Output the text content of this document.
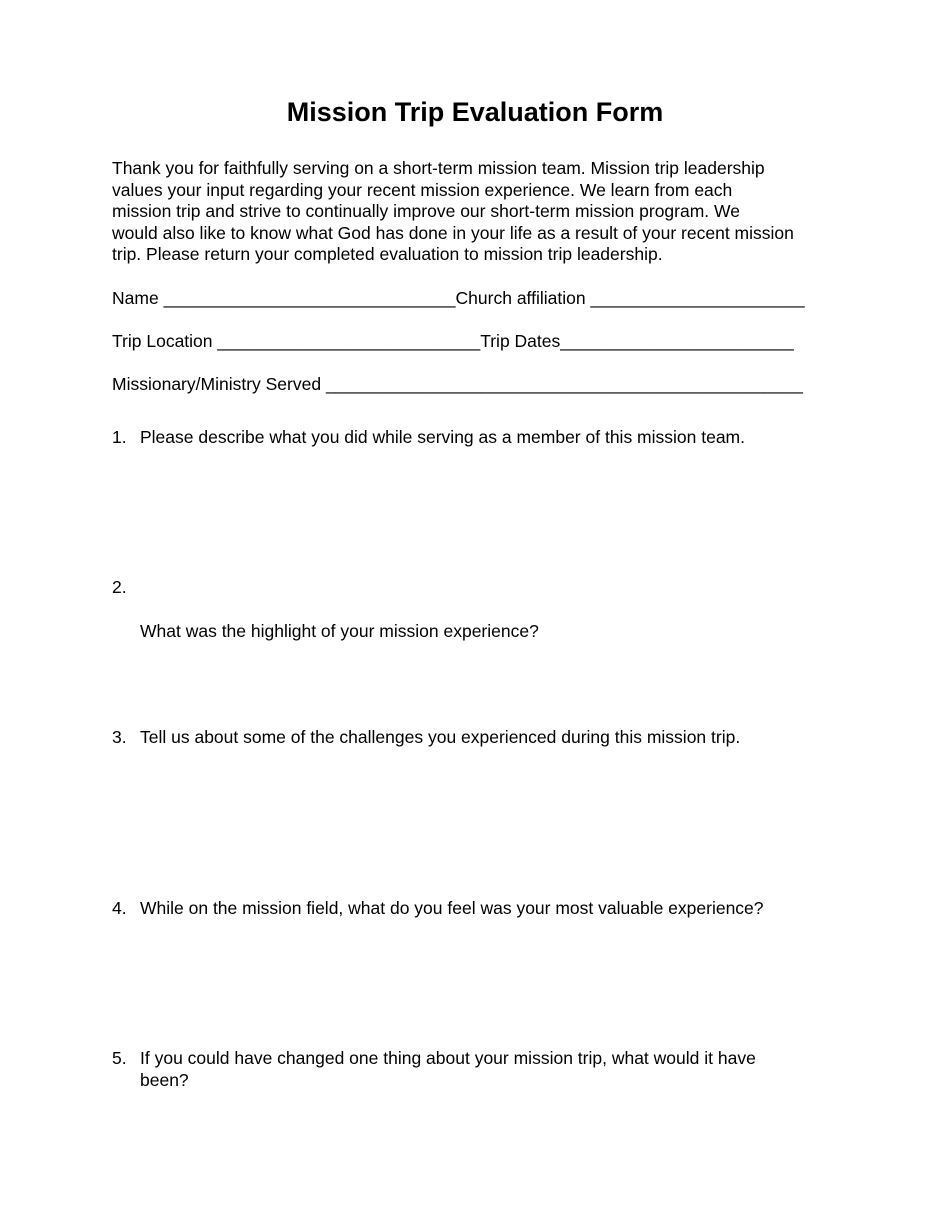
Mission Trip Evaluation Form

Thank you for faithfully serving on a short-term mission team. Mission trip leadership
values your input regarding your recent mission experience. We learn from each
mission trip and strive to continually improve our short-term mission program. We
would also like to know what God has done in your life as a result of your recent mission
trip. Please return your completed evaluation to mission trip leadership.

Name ______________________________Church affiliation ______________________
Trip Location ___________________________Trip Dates________________________
Missionary/Ministry Served _________________________________________________
1. Please describe what you did while serving as a member of this mission team.
2.

What was the highlight of your mission experience?

3. Tell us about some of the challenges you experienced during this mission trip.
4. While on the mission field, what do you feel was your most valuable experience?
5. If you could have changed one thing about your mission trip, what would it have
been?
